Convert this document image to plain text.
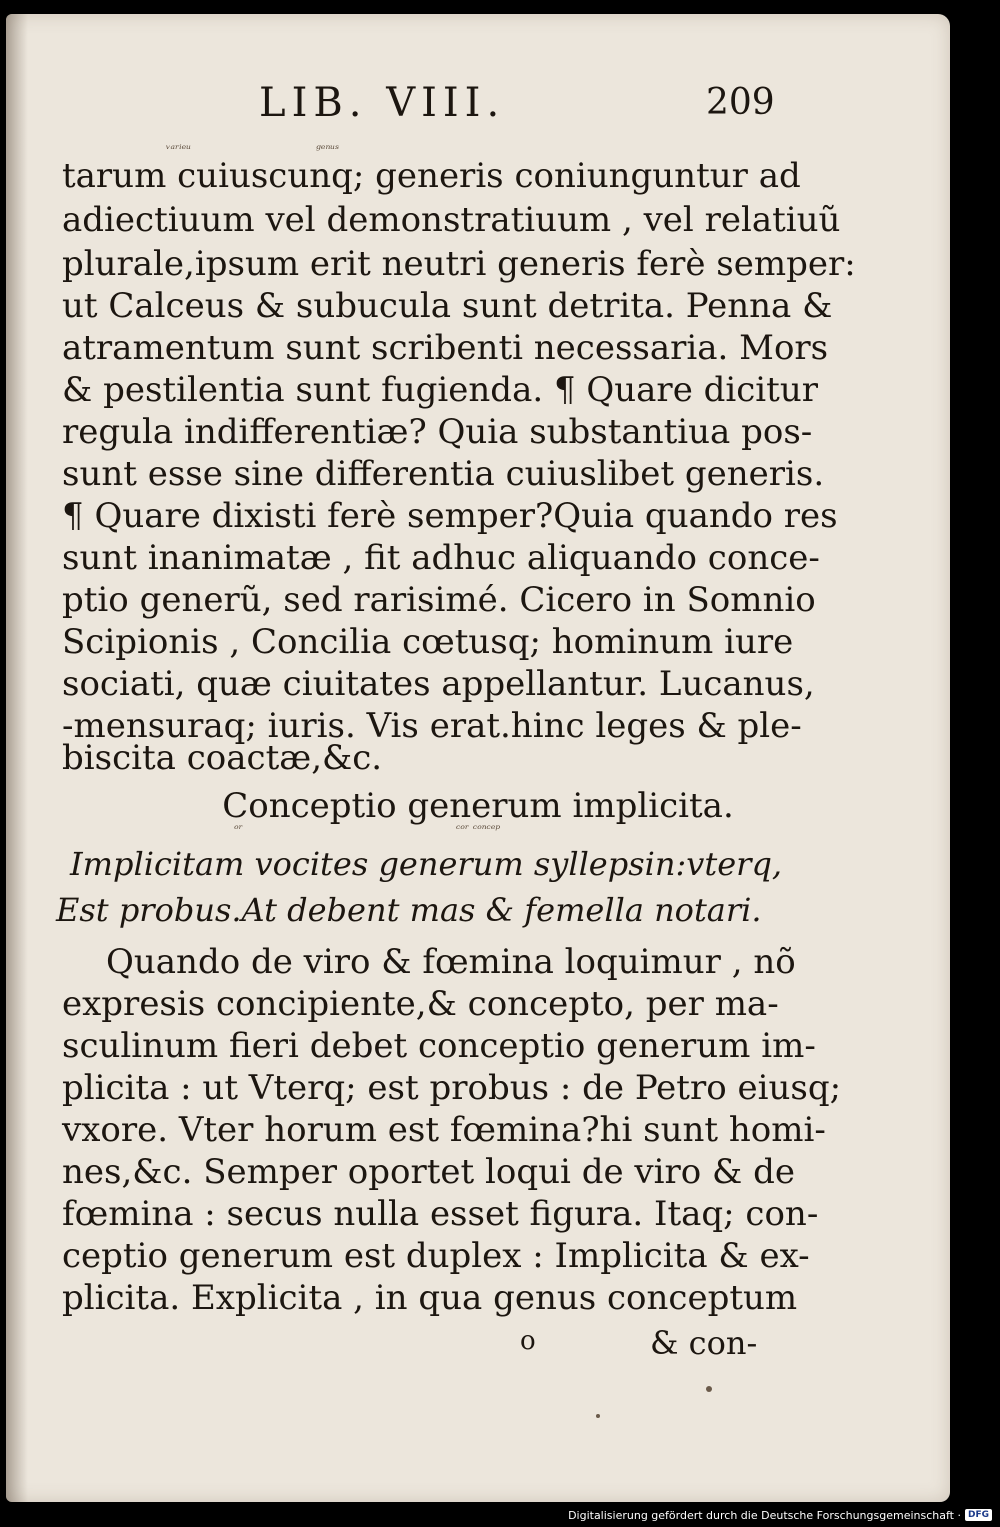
LIB. VIII.	209
ᵛᵃʳⁱᵉᵘ	ᵍᵉⁿᵘˢ
tarum cuiuscunq; generis coniunguntur ad
adiectiuum vel demonstratiuum , vel relatiuũ
plurale,ipsum erit neutri generis ferè semper:
ut Calceus & subucula sunt detrita. Penna &
atramentum sunt scribenti necessaria. Mors
& pestilentia sunt fugienda. ¶ Quare dicitur
regula indifferentiæ? Quia substantiua pos-
sunt esse sine differentia cuiuslibet generis.
¶ Quare dixisti ferè semper?Quia quando res
sunt inanimatæ , fit adhuc aliquando conce-
ptio generũ, sed rarisimé. Cicero in Somnio
Scipionis , Concilia cœtusq; hominum iure
sociati, quæ ciuitates appellantur. Lucanus,
-mensuraq; iuris. Vis erat.hinc leges & ple-
biscita coactæ,&c.
Conceptio generum implicita.
ᵒʳ	ᶜᵒʳ ᶜᵒⁿᶜᵉᵖ
Implicitam vocites generum syllepsin:vterq,
Est probus.At debent mas & femella notari.
Quando de viro & fœmina loquimur , nõ
expresis concipiente,& concepto, per ma-
sculinum fieri debet conceptio generum im-
plicita : ut Vterq; est probus : de Petro eiusq;
vxore. Vter horum est fœmina?hi sunt homi-
nes,&c. Semper oportet loqui de viro & de
fœmina : secus nulla esset figura. Itaq; con-
ceptio generum est duplex : Implicita & ex-
plicita. Explicita , in qua genus conceptum
o	& con-
Digitalisierung gefördert durch die Deutsche Forschungsgemeinschaft · DFG
